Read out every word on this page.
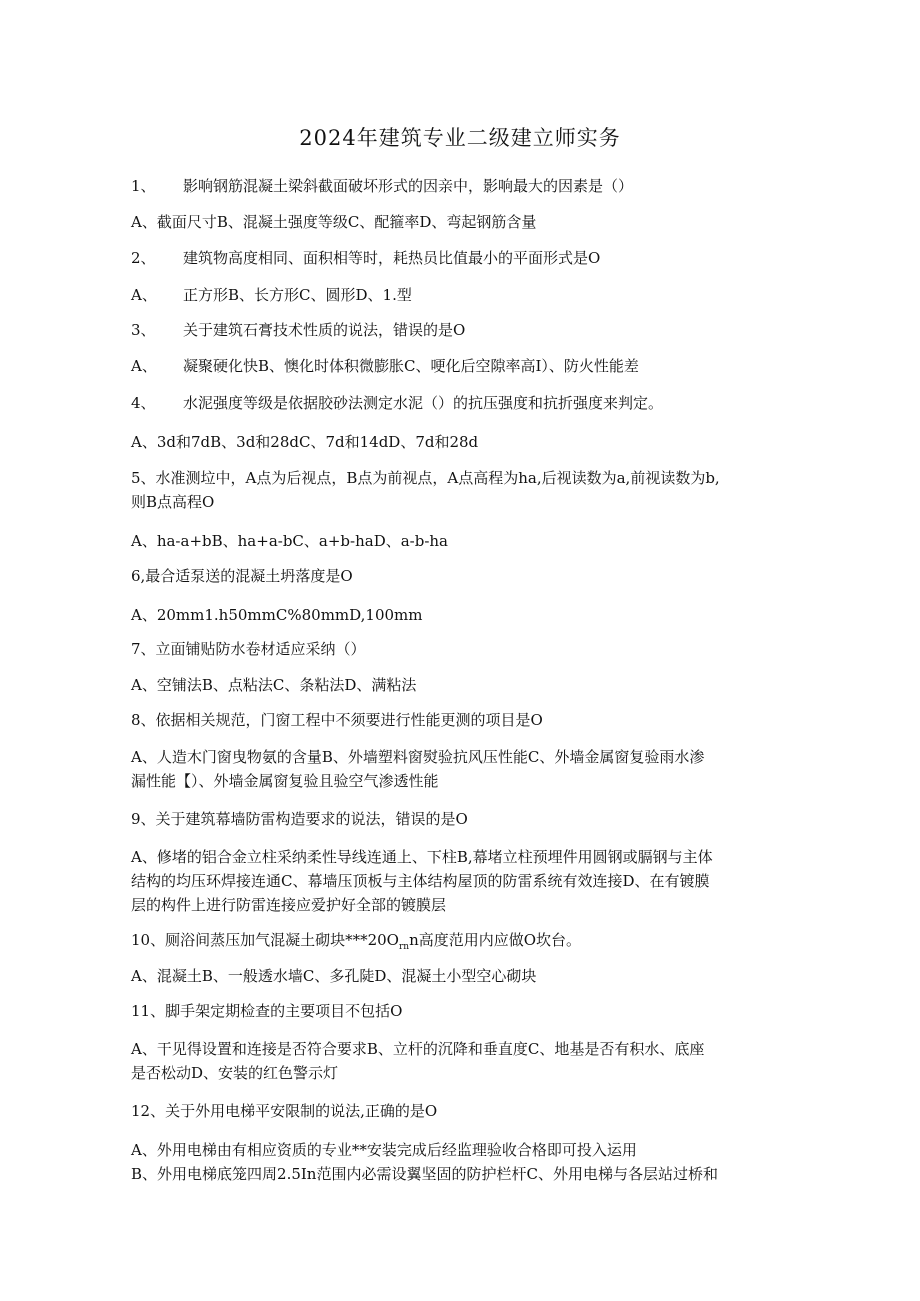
2024年建筑专业二级建立师实务
1、 影响钢筋混凝土梁斜截面破坏形式的因亲中，影响最大的因素是（）
A、截面尺寸B、混凝土强度等级C、配箍率D、弯起钢筋含量
2、 建筑物高度相同、面积相等时，耗热员比值最小的平面形式是O
A、 正方形B、长方形C、圆形D、1.型
3、 关于建筑石膏技术性质的说法，错误的是O
A、 凝聚硬化快B、懊化时体积微膨胀C、哽化后空隙率高I）、防火性能差
4、 水泥强度等级是依据胶砂法测定水泥（）的抗压强度和抗折强度来判定。
A、3d和7dB、3d和28dC、7d和14dD、7d和28d
5、水准测垃中，A点为后视点，B点为前视点，A点高程为ha,后视读数为a,前视读数为b,
则B点高程O
A、ha-a+bB、ha+a-bC、a+b-haD、a-b-ha
6,最合适泵送的混凝土坍落度是O
A、20mm1.h50mmC%80mmD,100mm
7、立面铺贴防水卷材适应采纳（）
A、空铺法B、点粘法C、条粘法D、满粘法
8、依据相关规范，门窗工程中不须要进行性能更测的项目是O
A、人造木门窗曳物氨的含量B、外墙塑料窗熨验抗风压性能C、外墙金属窗复验雨水渗
漏性能【）、外墙金属窗复验且验空气渗透性能
9、关于建筑幕墙防雷构造要求的说法，错误的是O
A、修堵的铝合金立柱采纳柔性导线连通上、下柱B,幕堵立柱预埋件用圆钢或膈钢与主体
结构的均压环焊接连通C、幕墙压顶板与主体结构屋顶的防雷系统有效连接D、在有镀膜
层的构件上进行防雷连接应爱护好全部的镀膜层
10、厕浴间蒸压加气混凝土砌块$***20O_{rn}n$高度范用内应做O坎台。
A、混凝土B、一般透水墙C、多孔陡D、混凝土小型空心砌块
11、脚手架定期检查的主要项目不包括O
A、干见得设置和连接是否符合要求B、立杆的沉降和垂直度C、地基是否有积水、底座
是否松动D、安装的红色警示灯
12、关于外用电梯平安限制的说法,正确的是O
A、外用电梯由有相应资质的专业**安装完成后经监理验收合格即可投入运用
B、外用电梯底笼四周2.5In范围内必需设翼坚固的防护栏杆C、外用电梯与各层站过桥和
